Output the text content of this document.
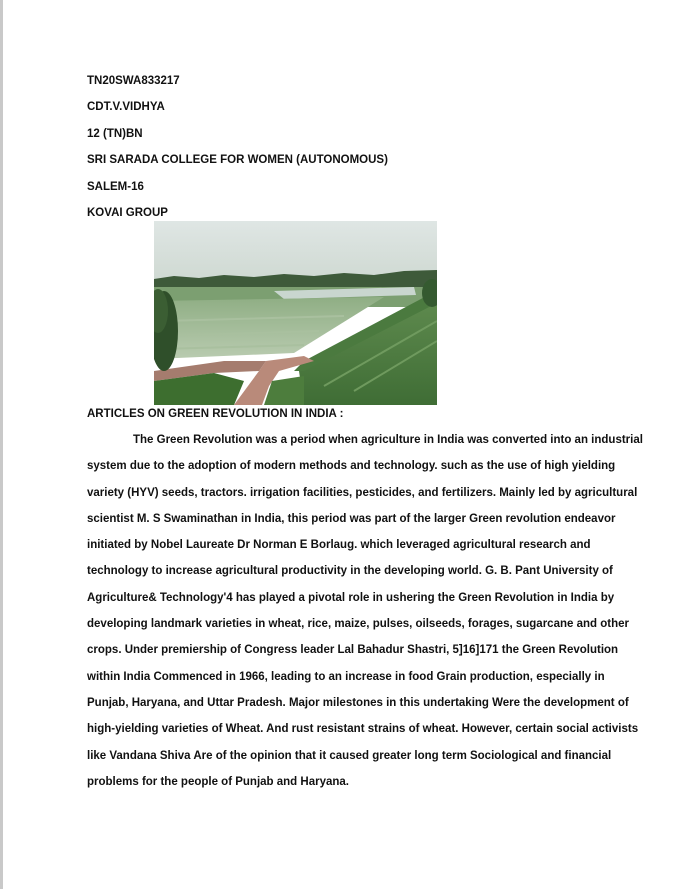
TN20SWA833217
CDT.V.VIDHYA
12 (TN)BN
SRI SARADA COLLEGE FOR WOMEN (AUTONOMOUS)
SALEM-16
KOVAI GROUP
ARTICLES ON GREEN REVOLUTION IN INDIA :
The Green Revolution was a period when agriculture in India was converted into an industrial
system due to the adoption of modern methods and technology. such as the use of high yielding
variety (HYV) seeds, tractors. irrigation facilities, pesticides, and fertilizers. Mainly led by agricultural
scientist M. S Swaminathan in India, this period was part of the larger Green revolution endeavor
initiated by Nobel Laureate Dr Norman E Borlaug. which leveraged agricultural research and
technology to increase agricultural productivity in the developing world. G. B. Pant University of
Agriculture& Technology'4 has played a pivotal role in ushering the Green Revolution in India by
developing landmark varieties in wheat, rice, maize, pulses, oilseeds, forages, sugarcane and other
crops. Under premiership of Congress leader Lal Bahadur Shastri, 5]16]171 the Green Revolution
within India Commenced in 1966, leading to an increase in food Grain production, especially in
Punjab, Haryana, and Uttar Pradesh. Major milestones in this undertaking Were the development of
high-yielding varieties of Wheat. And rust resistant strains of wheat. However, certain social activists
like Vandana Shiva Are of the opinion that it caused greater long term Sociological and financial
problems for the people of Punjab and Haryana.
